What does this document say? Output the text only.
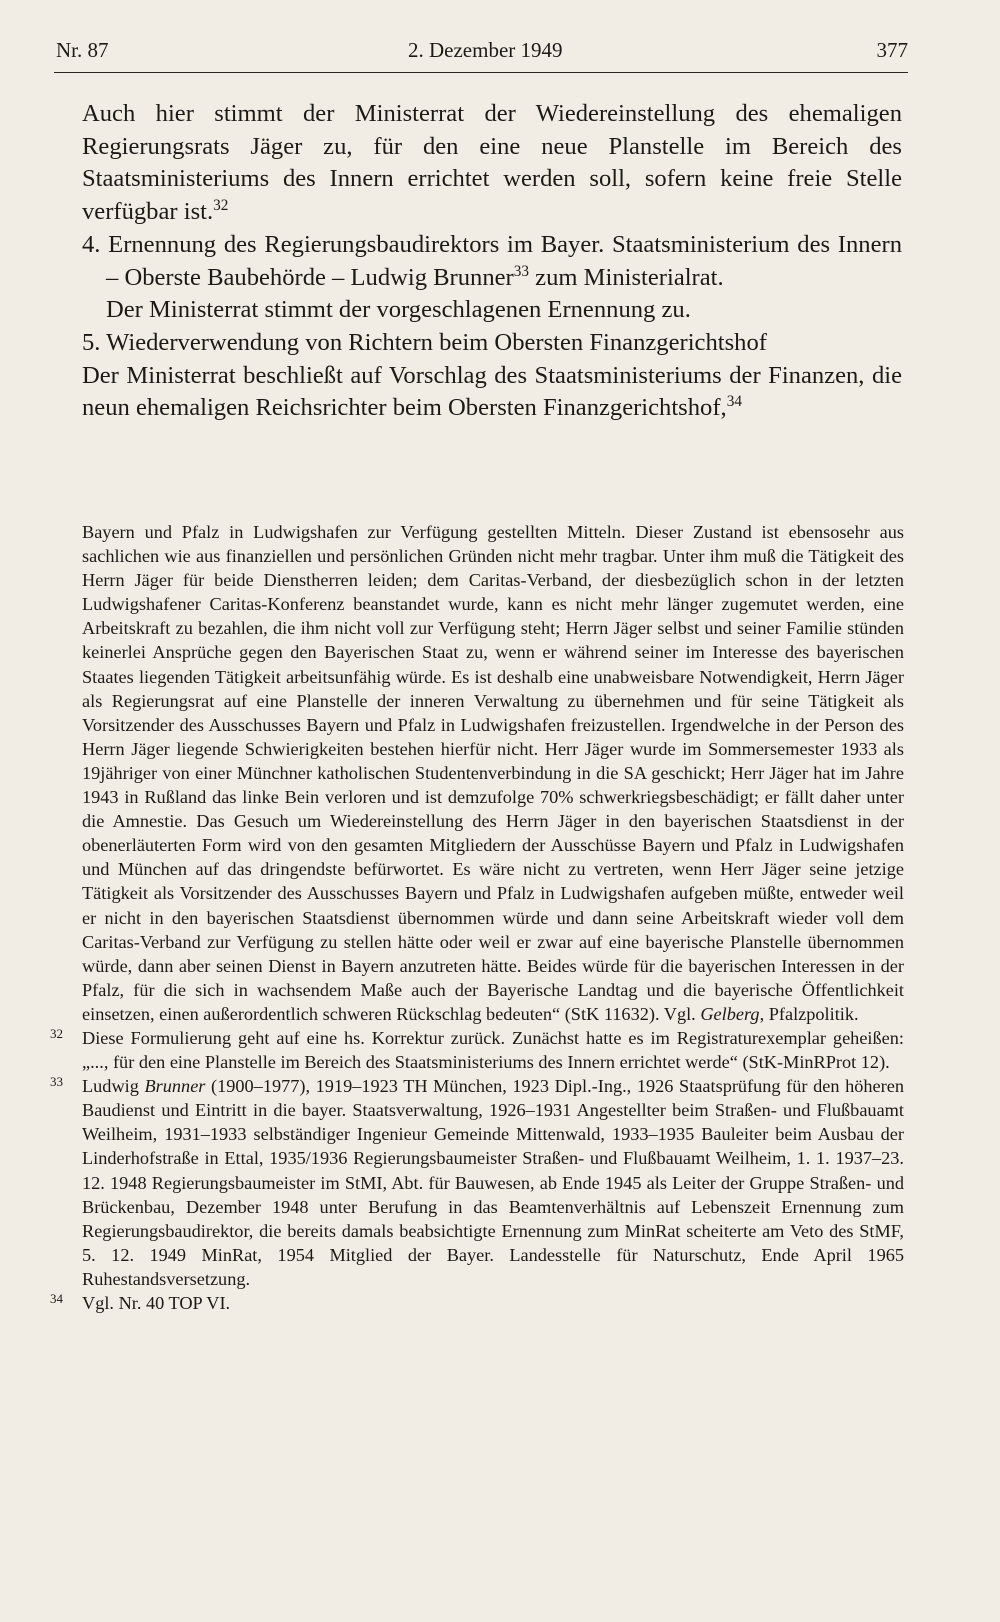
Nr. 87	2. Dezember 1949	377

Auch hier stimmt der Ministerrat der Wiedereinstellung des ehemaligen Regierungsrats Jäger zu, für den eine neue Planstelle im Bereich des Staatsministeriums des Innern errichtet werden soll, sofern keine freie Stelle verfügbar ist.$^{32}$

4. Ernennung des Regierungsbaudirektors im Bayer. Staatsministerium des Innern – Oberste Baubehörde – Ludwig Brunner$^{33}$ zum Ministerialrat.

Der Ministerrat stimmt der vorgeschlagenen Ernennung zu.

5. Wiederverwendung von Richtern beim Obersten Finanzgerichtshof

Der Ministerrat beschließt auf Vorschlag des Staatsministeriums der Finanzen, die neun ehemaligen Reichsrichter beim Obersten Finanzgerichtshof,$^{34}$

Bayern und Pfalz in Ludwigshafen zur Verfügung gestellten Mitteln. Dieser Zustand ist ebensosehr aus sachlichen wie aus finanziellen und persönlichen Gründen nicht mehr tragbar. Unter ihm muß die Tätigkeit des Herrn Jäger für beide Dienstherren leiden; dem Caritas-Verband, der diesbezüglich schon in der letzten Ludwigshafener Caritas-Konferenz beanstandet wurde, kann es nicht mehr länger zugemutet werden, eine Arbeitskraft zu bezahlen, die ihm nicht voll zur Verfügung steht; Herrn Jäger selbst und seiner Familie stünden keinerlei Ansprüche gegen den Bayerischen Staat zu, wenn er während seiner im Interesse des bayerischen Staates liegenden Tätigkeit arbeitsunfähig würde. Es ist deshalb eine unabweisbare Notwendigkeit, Herrn Jäger als Regierungsrat auf eine Planstelle der inneren Verwaltung zu übernehmen und für seine Tätigkeit als Vorsitzender des Ausschusses Bayern und Pfalz in Ludwigshafen freizustellen. Irgendwelche in der Person des Herrn Jäger liegende Schwierigkeiten bestehen hierfür nicht. Herr Jäger wurde im Sommersemester 1933 als 19jähriger von einer Münchner katholischen Studentenverbindung in die SA geschickt; Herr Jäger hat im Jahre 1943 in Rußland das linke Bein verloren und ist demzufolge 70% schwerkriegsbeschädigt; er fällt daher unter die Amnestie. Das Gesuch um Wiedereinstellung des Herrn Jäger in den bayerischen Staatsdienst in der obenerläuterten Form wird von den gesamten Mitgliedern der Ausschüsse Bayern und Pfalz in Ludwigshafen und München auf das dringendste befürwortet. Es wäre nicht zu vertreten, wenn Herr Jäger seine jetzige Tätigkeit als Vorsitzender des Ausschusses Bayern und Pfalz in Ludwigshafen aufgeben müßte, entweder weil er nicht in den bayerischen Staatsdienst übernommen würde und dann seine Arbeitskraft wieder voll dem Caritas-Verband zur Verfügung zu stellen hätte oder weil er zwar auf eine bayerische Planstelle übernommen würde, dann aber seinen Dienst in Bayern anzutreten hätte. Beides würde für die bayerischen Interessen in der Pfalz, für die sich in wachsendem Maße auch der Bayerische Landtag und die bayerische Öffentlichkeit einsetzen, einen außerordentlich schweren Rückschlag bedeuten“ (StK 11632). Vgl. Gelberg, Pfalzpolitik.

32 Diese Formulierung geht auf eine hs. Korrektur zurück. Zunächst hatte es im Registraturexemplar geheißen: „..., für den eine Planstelle im Bereich des Staatsministeriums des Innern errichtet werde“ (StK-MinRProt 12).

33 Ludwig Brunner (1900–1977), 1919–1923 TH München, 1923 Dipl.-Ing., 1926 Staatsprüfung für den höheren Baudienst und Eintritt in die bayer. Staatsverwaltung, 1926–1931 Angestellter beim Straßen- und Flußbauamt Weilheim, 1931–1933 selbständiger Ingenieur Gemeinde Mittenwald, 1933–1935 Bauleiter beim Ausbau der Linderhofstraße in Ettal, 1935/1936 Regierungsbaumeister Straßen- und Flußbauamt Weilheim, 1. 1. 1937–23. 12. 1948 Regierungsbaumeister im StMI, Abt. für Bauwesen, ab Ende 1945 als Leiter der Gruppe Straßen- und Brückenbau, Dezember 1948 unter Berufung in das Beamtenverhältnis auf Lebenszeit Ernennung zum Regierungsbaudirektor, die bereits damals beabsichtigte Ernennung zum MinRat scheiterte am Veto des StMF, 5. 12. 1949 MinRat, 1954 Mitglied der Bayer. Landesstelle für Naturschutz, Ende April 1965 Ruhestandsversetzung.

34 Vgl. Nr. 40 TOP VI.
